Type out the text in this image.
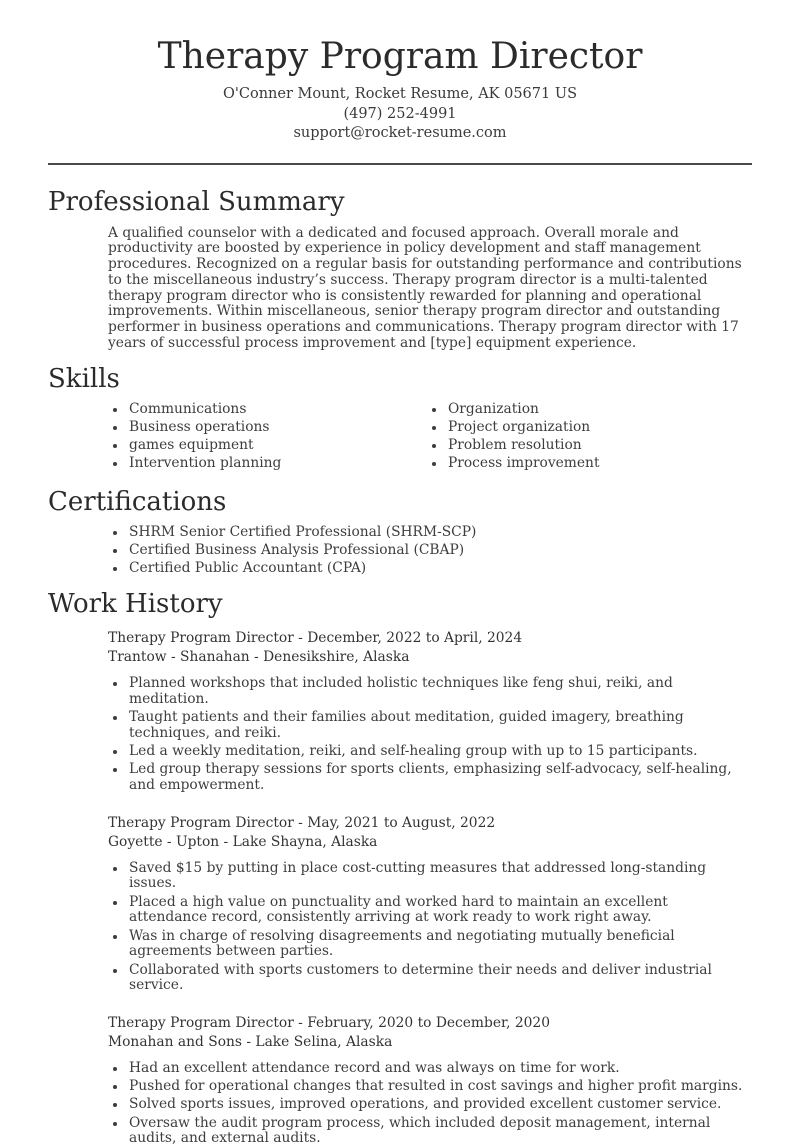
Therapy Program Director
O'Conner Mount, Rocket Resume, AK 05671 US
(497) 252-4991
support@rocket-resume.com
Professional Summary

A qualified counselor with a dedicated and focused approach. Overall morale and productivity are boosted by experience in policy development and staff management procedures. Recognized on a regular basis for outstanding performance and contributions to the miscellaneous industry’s success. Therapy program director is a multi-talented therapy program director who is consistently rewarded for planning and operational improvements. Within miscellaneous, senior therapy program director and outstanding performer in business operations and communications. Therapy program director with 17 years of successful process improvement and [type] equipment experience.

Skills
• Communications
• Business operations
• games equipment
• Intervention planning
• Organization
• Project organization
• Problem resolution
• Process improvement
Certifications
• SHRM Senior Certified Professional (SHRM-SCP)
• Certified Business Analysis Professional (CBAP)
• Certified Public Accountant (CPA)
Work History
Therapy Program Director - December, 2022 to April, 2024
Trantow - Shanahan - Denesikshire, Alaska
• Planned workshops that included holistic techniques like feng shui, reiki, and meditation.
• Taught patients and their families about meditation, guided imagery, breathing techniques, and reiki.
• Led a weekly meditation, reiki, and self-healing group with up to 15 participants.
• Led group therapy sessions for sports clients, emphasizing self-advocacy, self-healing, and empowerment.
Therapy Program Director - May, 2021 to August, 2022
Goyette - Upton - Lake Shayna, Alaska
• Saved $15 by putting in place cost-cutting measures that addressed long-standing issues.
• Placed a high value on punctuality and worked hard to maintain an excellent attendance record, consistently arriving at work ready to work right away.
• Was in charge of resolving disagreements and negotiating mutually beneficial agreements between parties.
• Collaborated with sports customers to determine their needs and deliver industrial service.
Therapy Program Director - February, 2020 to December, 2020
Monahan and Sons - Lake Selina, Alaska
• Had an excellent attendance record and was always on time for work.
• Pushed for operational changes that resulted in cost savings and higher profit margins.
• Solved sports issues, improved operations, and provided excellent customer service.
• Oversaw the audit program process, which included deposit management, internal audits, and external audits.
